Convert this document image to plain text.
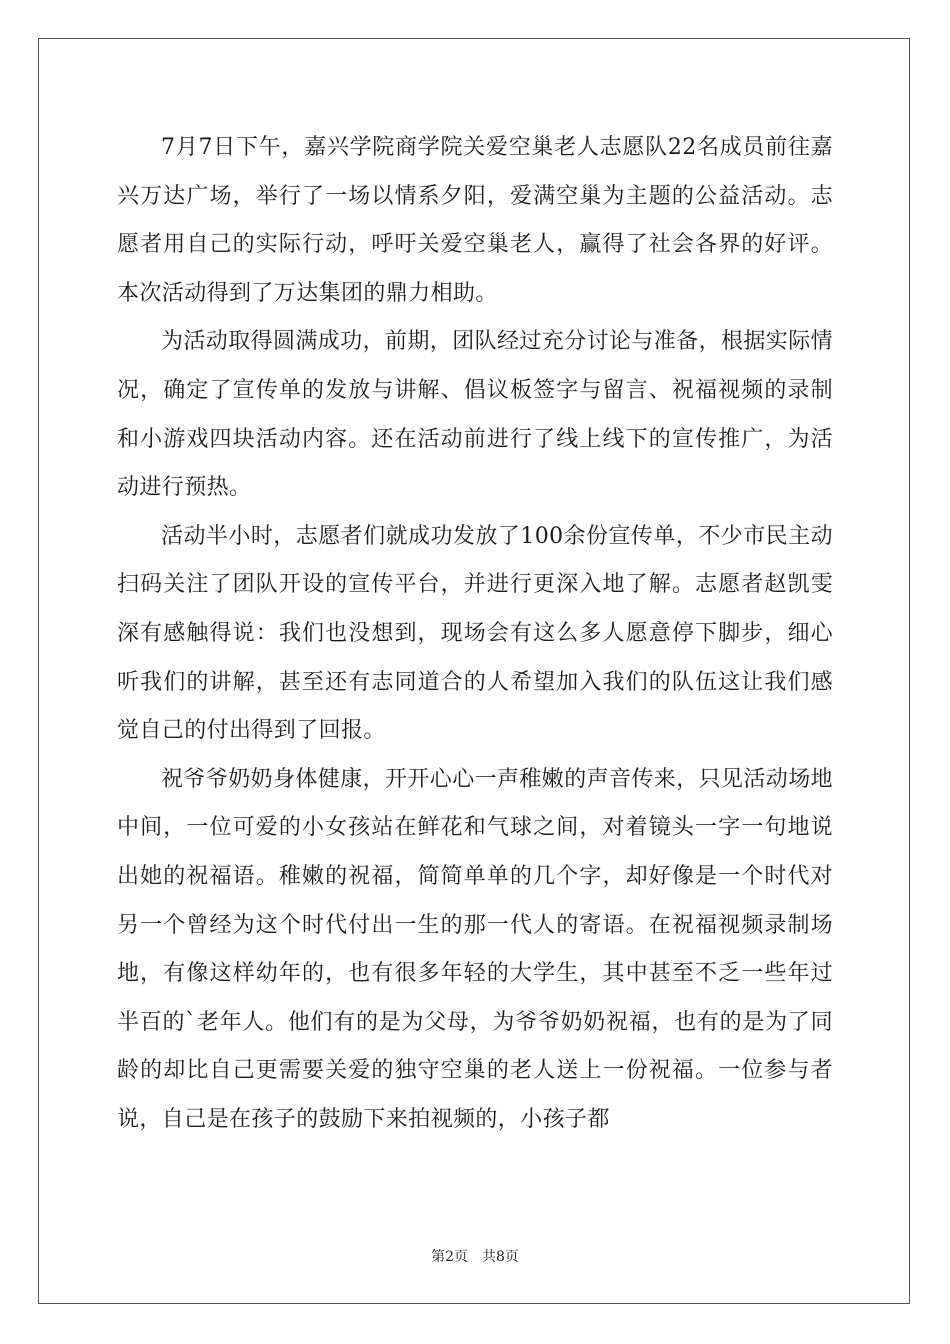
7月7日下午，嘉兴学院商学院关爱空巢老人志愿队22名成员前往嘉兴万达广场，举行了一场以情系夕阳，爱满空巢为主题的公益活动。志愿者用自己的实际行动，呼吁关爱空巢老人，赢得了社会各界的好评。本次活动得到了万达集团的鼎力相助。

为活动取得圆满成功，前期，团队经过充分讨论与准备，根据实际情况，确定了宣传单的发放与讲解、倡议板签字与留言、祝福视频的录制和小游戏四块活动内容。还在活动前进行了线上线下的宣传推广，为活动进行预热。

活动半小时，志愿者们就成功发放了100余份宣传单，不少市民主动扫码关注了团队开设的宣传平台，并进行更深入地了解。志愿者赵凯雯深有感触得说：我们也没想到，现场会有这么多人愿意停下脚步，细心听我们的讲解，甚至还有志同道合的人希望加入我们的队伍这让我们感觉自己的付出得到了回报。

祝爷爷奶奶身体健康，开开心心一声稚嫩的声音传来，只见活动场地中间，一位可爱的小女孩站在鲜花和气球之间，对着镜头一字一句地说出她的祝福语。稚嫩的祝福，简简单单的几个字，却好像是一个时代对另一个曾经为这个时代付出一生的那一代人的寄语。在祝福视频录制场地，有像这样幼年的，也有很多年轻的大学生，其中甚至不乏一些年过半百的`老年人。他们有的是为父母，为爷爷奶奶祝福，也有的是为了同龄的却比自己更需要关爱的独守空巢的老人送上一份祝福。一位参与者说，自己是在孩子的鼓励下来拍视频的，小孩子都

第2页 共8页
